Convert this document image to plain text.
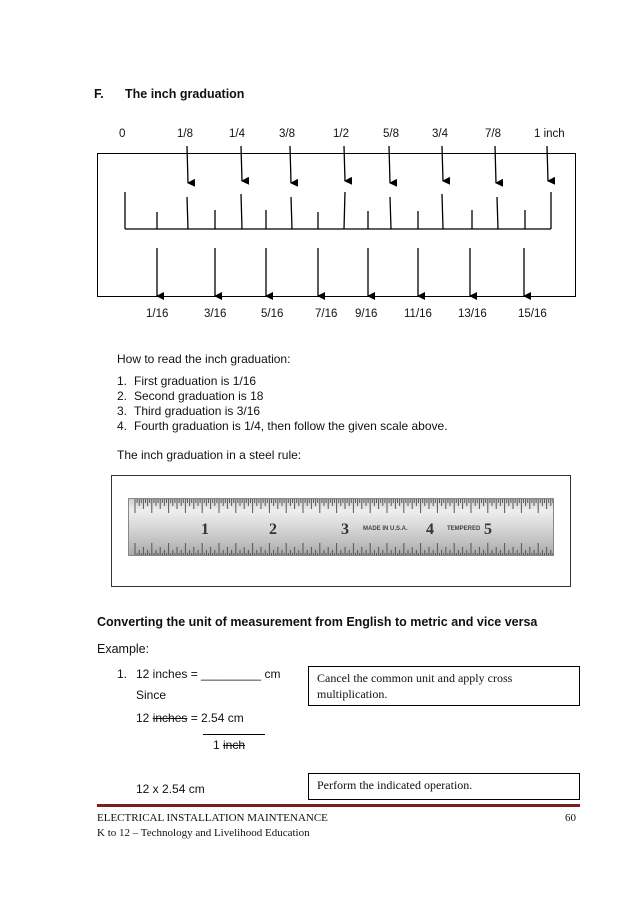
F. The inch graduation
0	1/8	1/4	3/8	1/2	5/8	3/4	7/8	1 inch
1/16	3/16	5/16	7/16 9/16 11/16 13/16	15/16
How to read the inch graduation:
1. First graduation is 1/16
2. Second graduation is 18
3. Third graduation is 3/16
4. Fourth graduation is 1/4, then follow the given scale above.
The inch graduation in a steel rule:
1	2	3	4	5
MADE IN U.S.A.	TEMPERED
Converting the unit of measurement from English to metric and vice versa
Example:
1. 12 inches = _________ cm
Since
12 inches = 2.54 cm
1 inch
12 x 2.54 cm
Cancel the common unit and apply cross multiplication.
Perform the indicated operation.
ELECTRICAL INSTALLATION MAINTENANCE
K to 12 – Technology and Livelihood Education
60
